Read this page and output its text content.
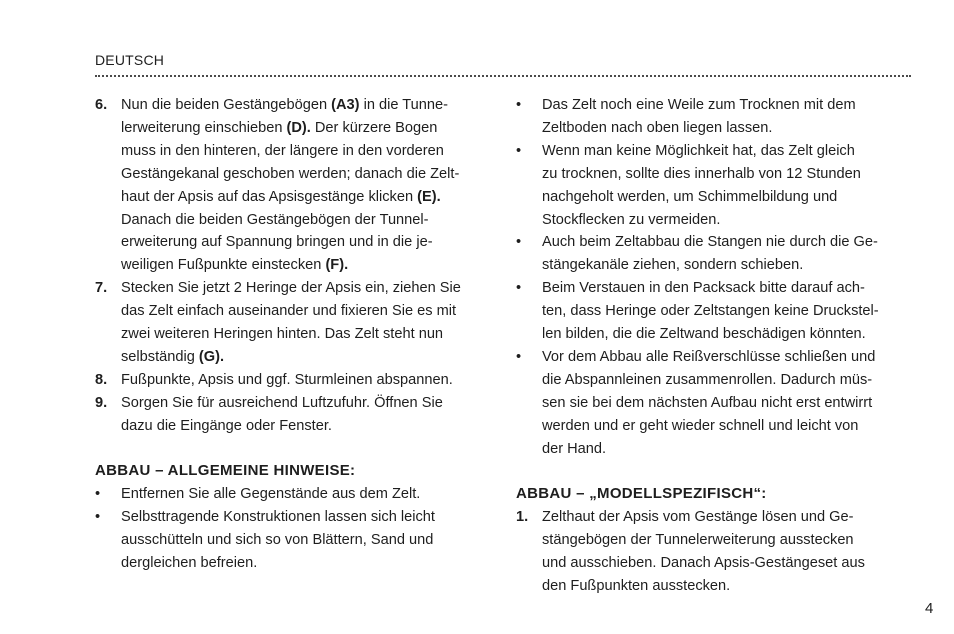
DEUTSCH
6. Nun die beiden Gestängebögen (A3) in die Tunne-
lerweiterung einschieben (D). Der kürzere Bogen
muss in den hinteren, der längere in den vorderen
Gestängekanal geschoben werden; danach die Zelt-
haut der Apsis auf das Apsisgestänge klicken (E).
Danach die beiden Gestängebögen der Tunnel-
erweiterung auf Spannung bringen und in die je-
weiligen Fußpunkte einstecken (F).
7. Stecken Sie jetzt 2 Heringe der Apsis ein, ziehen Sie
das Zelt einfach auseinander und fixieren Sie es mit
zwei weiteren Heringen hinten. Das Zelt steht nun
selbständig (G).
8. Fußpunkte, Apsis und ggf. Sturmleinen abspannen.
9. Sorgen Sie für ausreichend Luftzufuhr. Öffnen Sie
dazu die Eingänge oder Fenster.
ABBAU – ALLGEMEINE HINWEISE:
• Entfernen Sie alle Gegenstände aus dem Zelt.
• Selbsttragende Konstruktionen lassen sich leicht
ausschütteln und sich so von Blättern, Sand und
dergleichen befreien.
• Das Zelt noch eine Weile zum Trocknen mit dem
Zeltboden nach oben liegen lassen.
• Wenn man keine Möglichkeit hat, das Zelt gleich
zu trocknen, sollte dies innerhalb von 12 Stunden
nachgeholt werden, um Schimmelbildung und
Stockflecken zu vermeiden.
• Auch beim Zeltabbau die Stangen nie durch die Ge-
stängekanäle ziehen, sondern schieben.
• Beim Verstauen in den Packsack bitte darauf ach-
ten, dass Heringe oder Zeltstangen keine Druckstel-
len bilden, die die Zeltwand beschädigen könnten.
• Vor dem Abbau alle Reißverschlüsse schließen und
die Abspannleinen zusammenrollen. Dadurch müs-
sen sie bei dem nächsten Aufbau nicht erst entwirrt
werden und er geht wieder schnell und leicht von
der Hand.
ABBAU – „MODELLSPEZIFISCH“:
1. Zelthaut der Apsis vom Gestänge lösen und Ge-
stängebögen der Tunnelerweiterung ausstecken
und ausschieben. Danach Apsis-Gestängeset aus
den Fußpunkten ausstecken.
4
